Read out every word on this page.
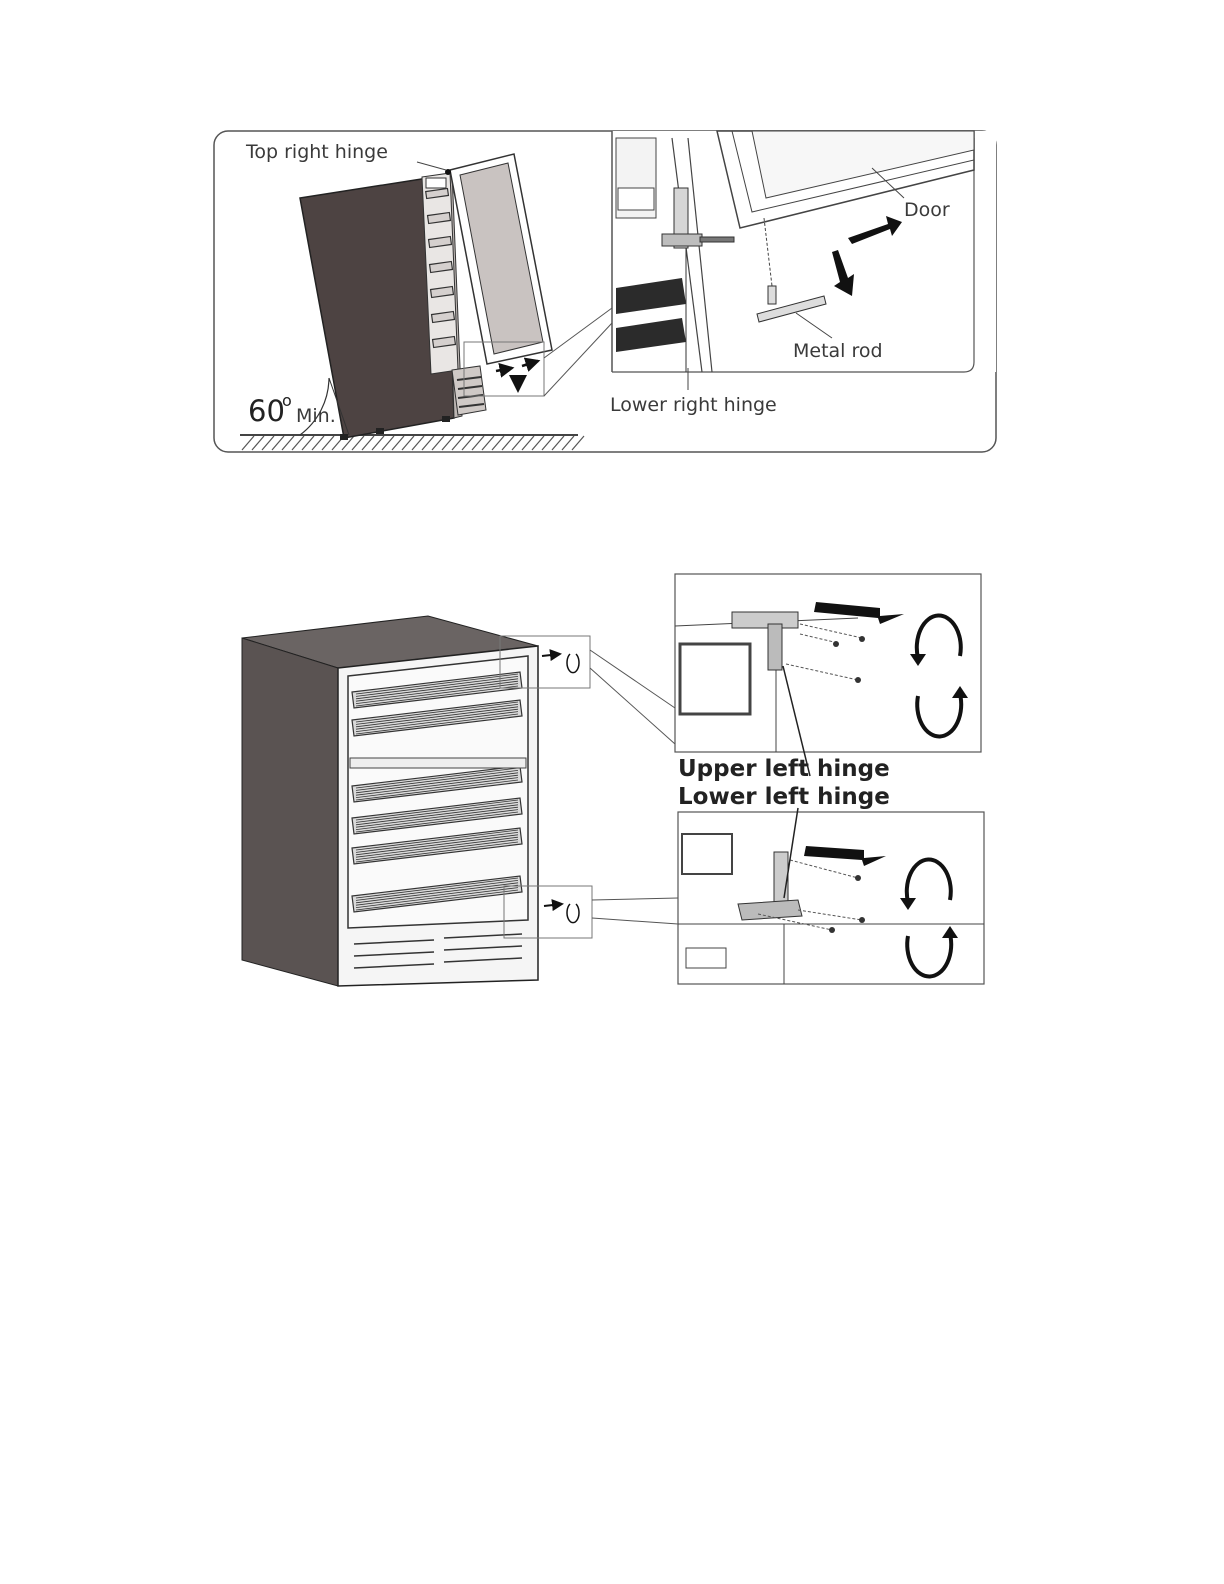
Top right hinge
Door
Metal rod
Lower right hinge
60
o
Min.
Upper left hinge
Lower left hinge
